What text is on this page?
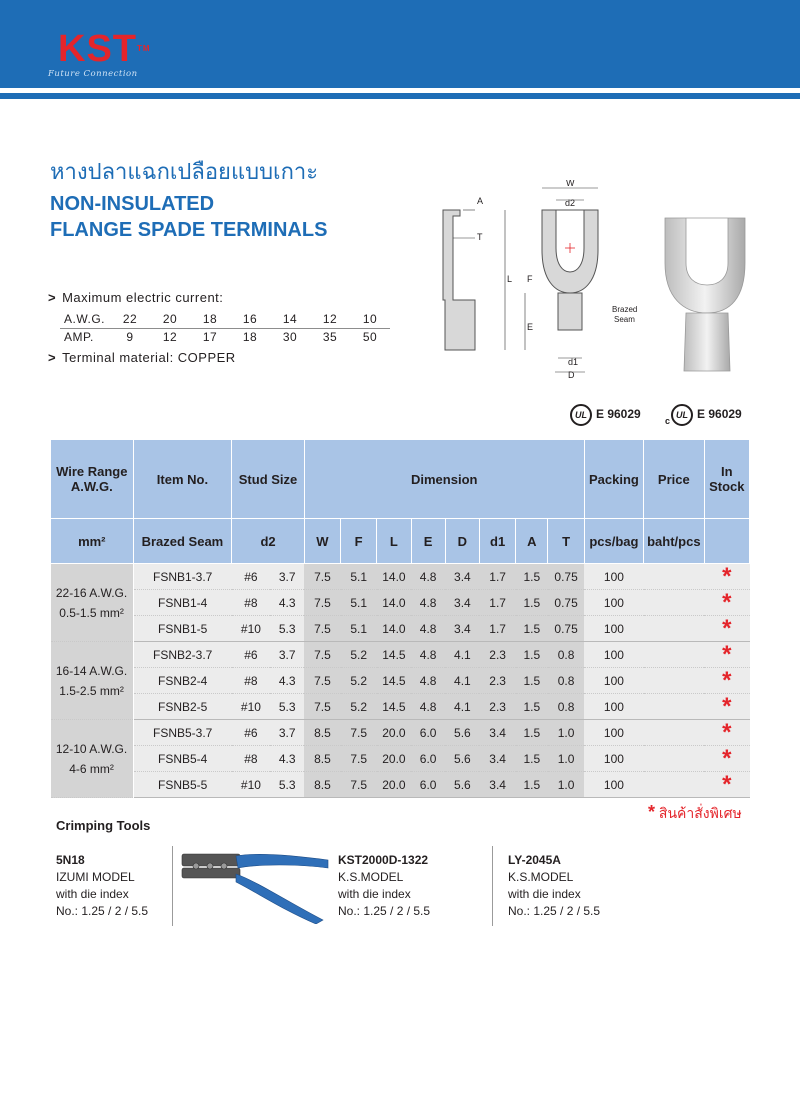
KST™
Future Connection
หางปลาแฉกเปลือยแบบเกาะ
NON-INSULATED
FLANGE SPADE TERMINALS
> Maximum electric current:
A.W.G.	22	20	18	16	14	12	10
AMP.	9	12	17	18	30	35	50
> Terminal material: COPPER
A
T
W
d2
L F
E
d1
D
Brazed
Seam
UL E 96029	cUL E 96029
Wire Range A.W.G.	Item No.	Stud Size		Dimension								Packing	Price	In
Stock
mm²	Brazed Seam	d2		W	F	L	E	D	d1	A	T	pcs/bag	baht/pcs	

22-16 A.W.G.
0.5-1.5 mm²	FSNB1-3.7	#6	3.7	7.5	5.1	14.0	4.8	3.4	1.7	1.5	0.75	100		*
	FSNB1-4	#8	4.3	7.5	5.1	14.0	4.8	3.4	1.7	1.5	0.75	100		*
	FSNB1-5	#10	5.3	7.5	5.1	14.0	4.8	3.4	1.7	1.5	0.75	100		*

16-14 A.W.G.
1.5-2.5 mm²	FSNB2-3.7	#6	3.7	7.5	5.2	14.5	4.8	4.1	2.3	1.5	0.8	100		*
	FSNB2-4	#8	4.3	7.5	5.2	14.5	4.8	4.1	2.3	1.5	0.8	100		*
	FSNB2-5	#10	5.3	7.5	5.2	14.5	4.8	4.1	2.3	1.5	0.8	100		*

12-10 A.W.G.
4-6 mm²	FSNB5-3.7	#6	3.7	8.5	7.5	20.0	6.0	5.6	3.4	1.5	1.0	100		*
	FSNB5-4	#8	4.3	8.5	7.5	20.0	6.0	5.6	3.4	1.5	1.0	100		*
	FSNB5-5	#10	5.3	8.5	7.5	20.0	6.0	5.6	3.4	1.5	1.0	100		*
* สินค้าสั่งพิเศษ
Crimping Tools
5N18
IZUMI MODEL
with die index
No.: 1.25 / 2 / 5.5
KST2000D-1322
K.S.MODEL
with die index
No.: 1.25 / 2 / 5.5
LY-2045A
K.S.MODEL
with die index
No.: 1.25 / 2 / 5.5
